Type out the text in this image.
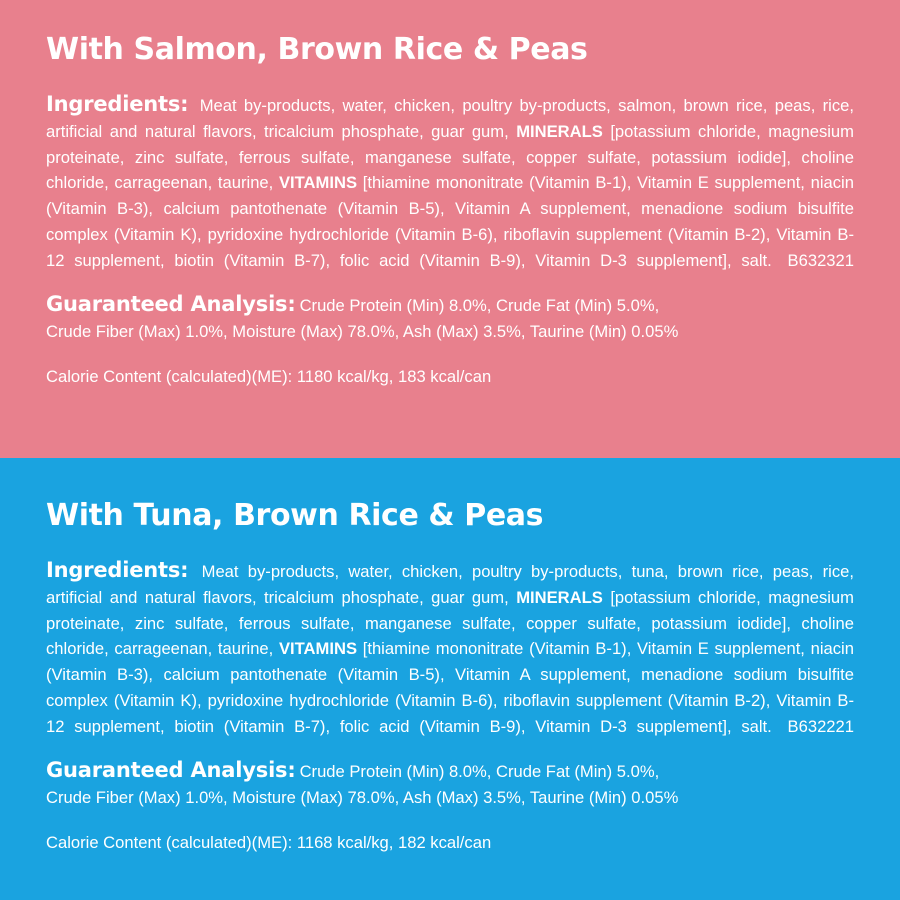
With Salmon, Brown Rice & Peas

Ingredients: Meat by-products, water, chicken, poultry by-products, salmon, brown rice, peas, rice, artificial and natural flavors, tricalcium phosphate, guar gum, MINERALS [potassium chloride, magnesium proteinate, zinc sulfate, ferrous sulfate, manganese sulfate, copper sulfate, potassium iodide], choline chloride, carrageenan, taurine, VITAMINS [thiamine mononitrate (Vitamin B-1), Vitamin E supplement, niacin (Vitamin B-3), calcium pantothenate (Vitamin B-5), Vitamin A supplement, menadione sodium bisulfite complex (Vitamin K), pyridoxine hydrochloride (Vitamin B-6), riboflavin supplement (Vitamin B-2), Vitamin B-12 supplement, biotin (Vitamin B-7), folic acid (Vitamin B-9), Vitamin D-3 supplement], salt. B632321

Guaranteed Analysis: Crude Protein (Min) 8.0%, Crude Fat (Min) 5.0%,
Crude Fiber (Max) 1.0%, Moisture (Max) 78.0%, Ash (Max) 3.5%, Taurine (Min) 0.05%
Calorie Content (calculated)(ME): 1180 kcal/kg, 183 kcal/can
With Tuna, Brown Rice & Peas

Ingredients: Meat by-products, water, chicken, poultry by-products, tuna, brown rice, peas, rice, artificial and natural flavors, tricalcium phosphate, guar gum, MINERALS [potassium chloride, magnesium proteinate, zinc sulfate, ferrous sulfate, manganese sulfate, copper sulfate, potassium iodide], choline chloride, carrageenan, taurine, VITAMINS [thiamine mononitrate (Vitamin B-1), Vitamin E supplement, niacin (Vitamin B-3), calcium pantothenate (Vitamin B-5), Vitamin A supplement, menadione sodium bisulfite complex (Vitamin K), pyridoxine hydrochloride (Vitamin B-6), riboflavin supplement (Vitamin B-2), Vitamin B-12 supplement, biotin (Vitamin B-7), folic acid (Vitamin B-9), Vitamin D-3 supplement], salt. B632221

Guaranteed Analysis: Crude Protein (Min) 8.0%, Crude Fat (Min) 5.0%,
Crude Fiber (Max) 1.0%, Moisture (Max) 78.0%, Ash (Max) 3.5%, Taurine (Min) 0.05%
Calorie Content (calculated)(ME): 1168 kcal/kg, 182 kcal/can
